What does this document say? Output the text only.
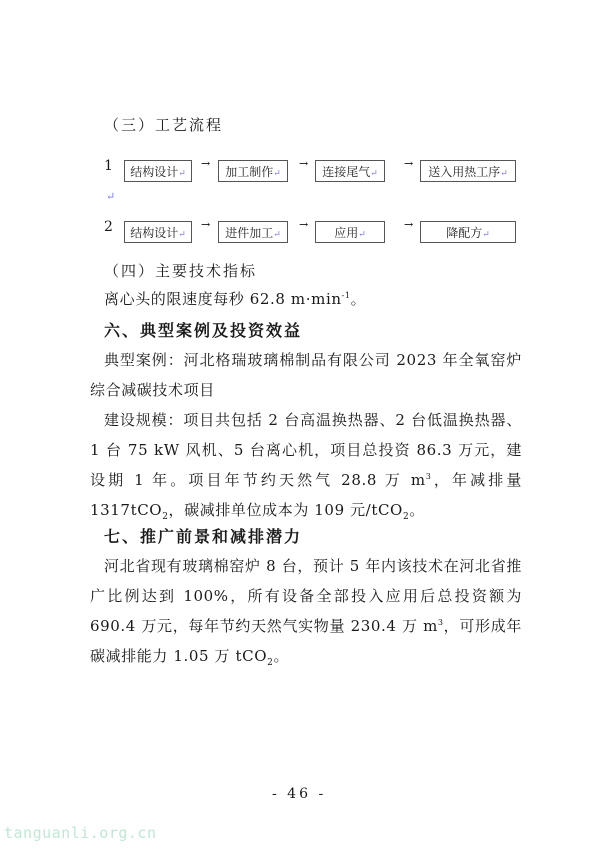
（三）工艺流程
1	结构设计↵
→
加工制作↵
→
连接尾气↵
→
送入用热工序↵
↵
2	结构设计↵
→
进件加工↵
→
应用↵
→
降配方↵
（四）主要技术指标
离心头的限速度每秒 62.8 $m\cdot\min^{-1}$。
六、典型案例及投资效益
典型案例：河北格瑞玻璃棉制品有限公司 2023 年全氧窑炉综合减碳技术项目
建设规模：项目共包括 2 台高温换热器、2 台低温换热器、1 台 75 kW 风机、5 台离心机，项目总投资 86.3 万元，建设期 1 年。项目年节约天然气 28.8 万 $m^3$，年减排量 1317tCO$_2$，碳减排单位成本为 109 元/tCO$_2$。
七、推广前景和减排潜力
河北省现有玻璃棉窑炉 8 台，预计 5 年内该技术在河北省推广比例达到 100%，所有设备全部投入应用后总投资额为 690.4 万元，每年节约天然气实物量 230.4 万 $m^3$，可形成年碳减排能力 1.05 万 tCO$_2$。
- 46 -
tanguanli.org.cn
